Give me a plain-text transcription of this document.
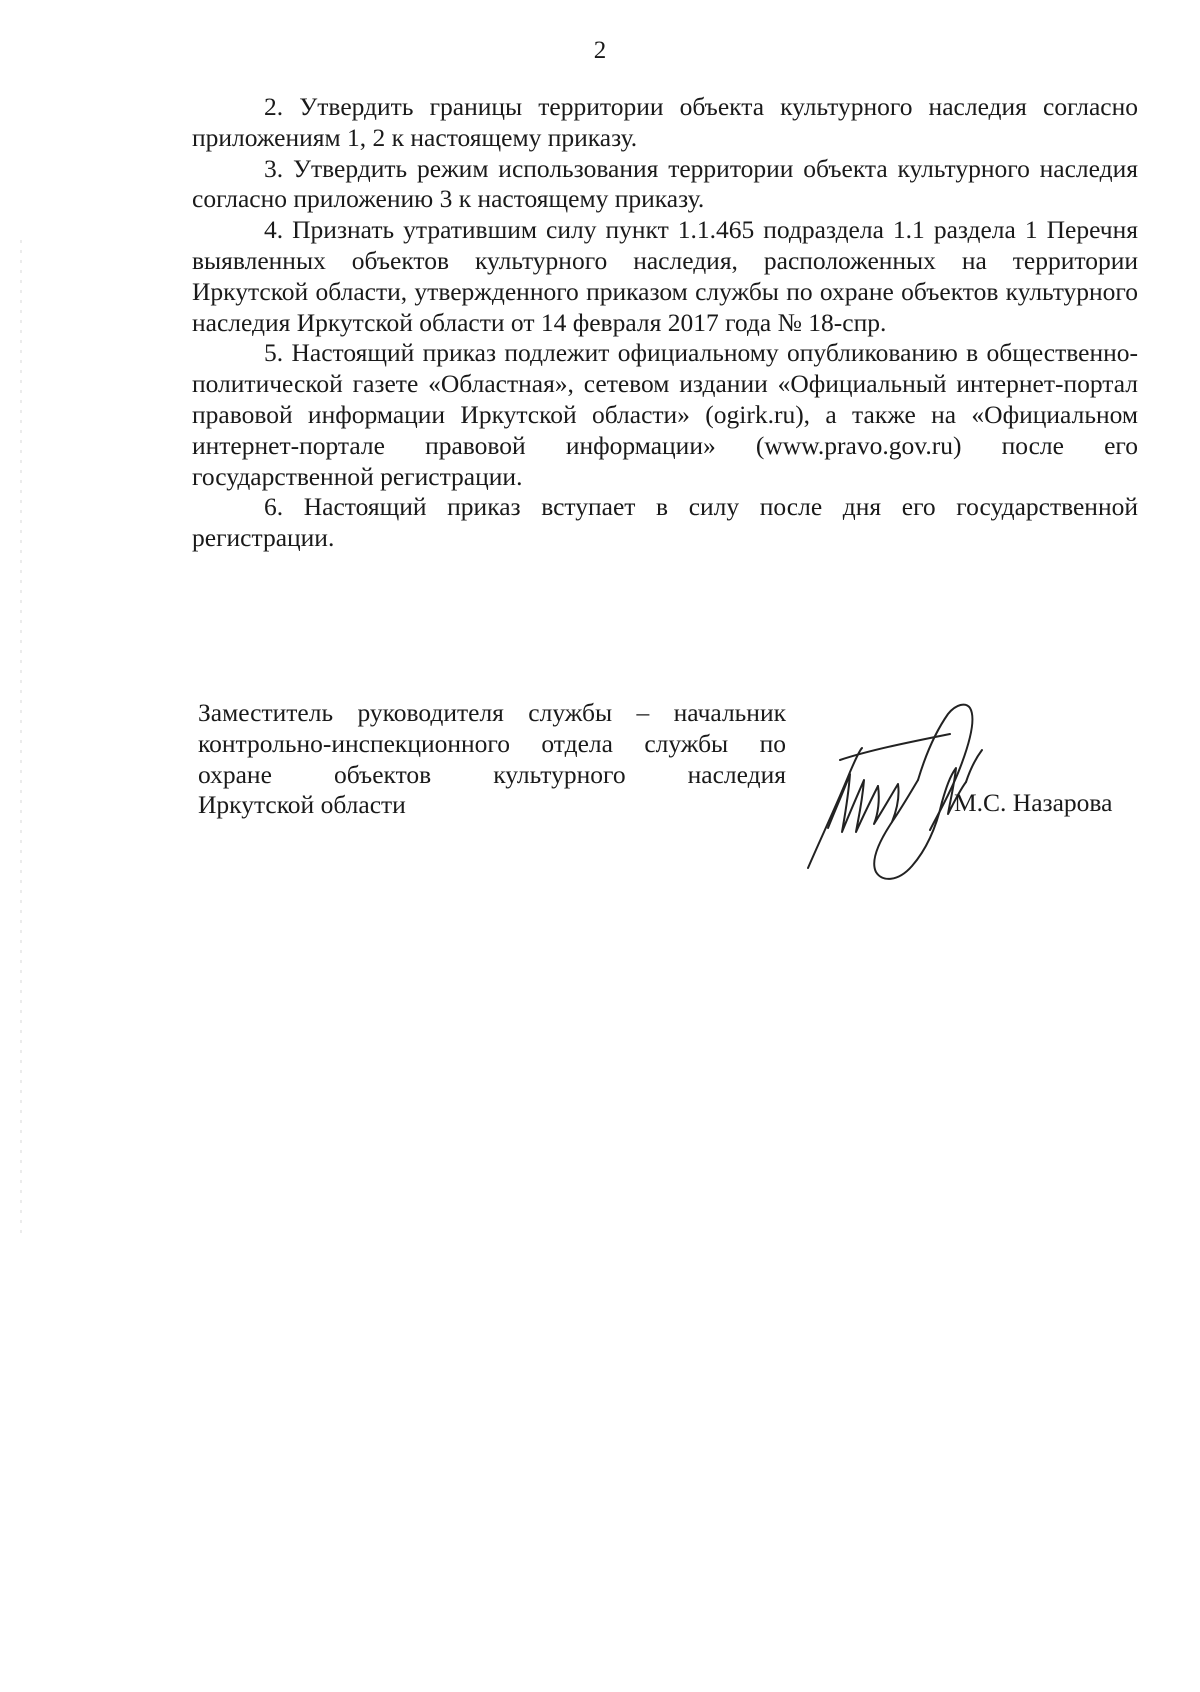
2

2. Утвердить границы территории объекта культурного наследия согласно приложениям 1, 2 к настоящему приказу.

3. Утвердить режим использования территории объекта культурного наследия согласно приложению 3 к настоящему приказу.

4. Признать утратившим силу пункт 1.1.465 подраздела 1.1 раздела 1 Перечня выявленных объектов культурного наследия, расположенных на территории Иркутской области, утвержденного приказом службы по охране объектов культурного наследия Иркутской области от 14 февраля 2017 года № 18-спр.

5. Настоящий приказ подлежит официальному опубликованию в общественно-политической газете «Областная», сетевом издании «Официальный интернет-портал правовой информации Иркутской области» (ogirk.ru), а также на «Официальном интернет-портале правовой информации» (www.pravo.gov.ru) после его государственной регистрации.

6. Настоящий приказ вступает в силу после дня его государственной регистрации.

Заместитель руководителя службы – начальник
контрольно-инспекционного отдела службы по
охране объектов культурного наследия
Иркутской области	М.С. Назарова
